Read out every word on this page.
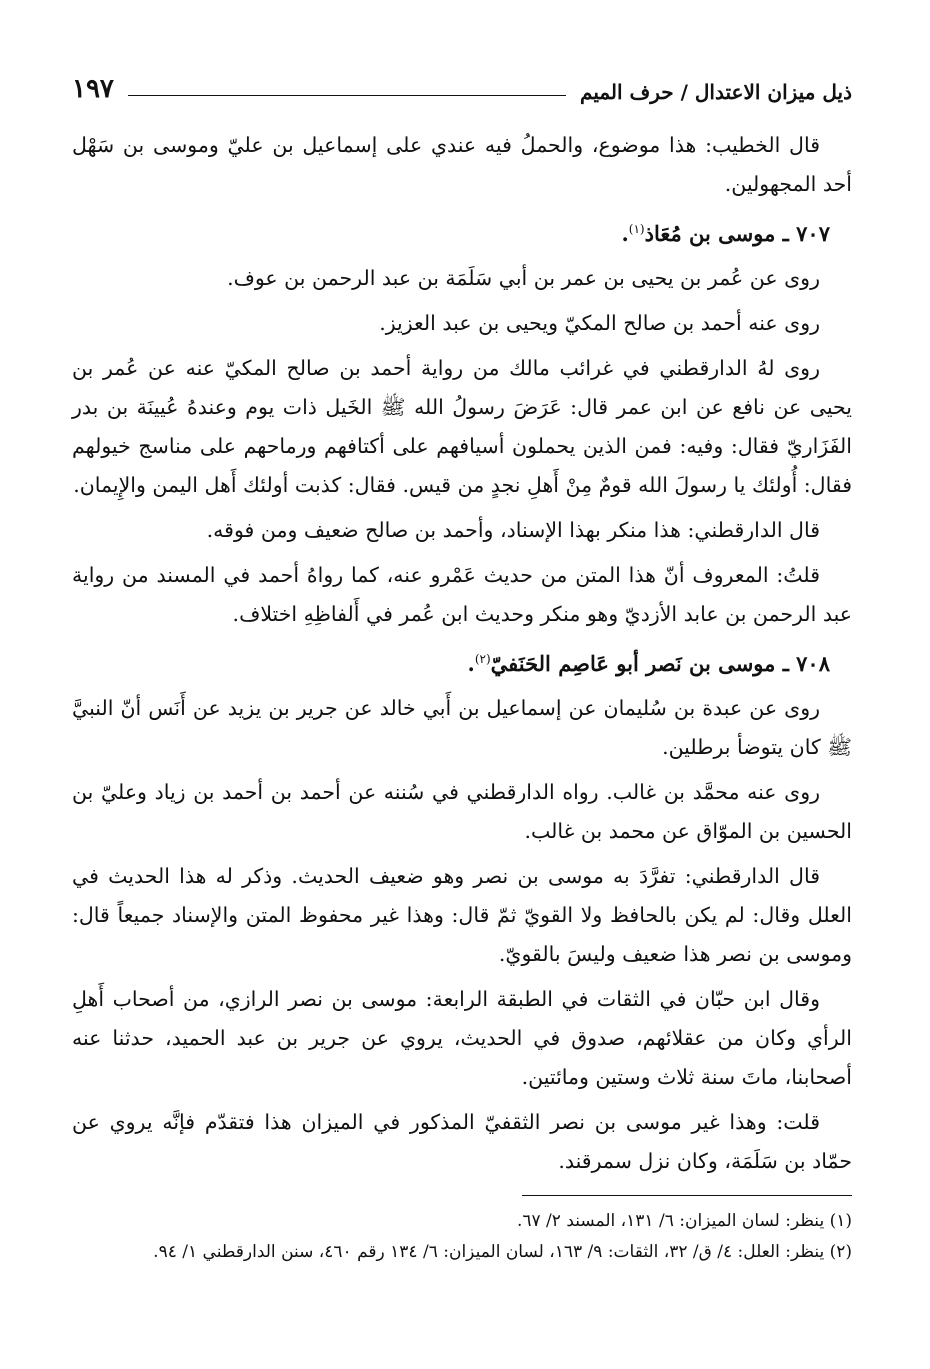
ذيل ميزان الاعتدال / حرف الميم
١٩٧

قال الخطيب: هذا موضوع، والحملُ فيه عندي على إسماعيل بن عليّ وموسى بن سَهْل أحد المجهولين.

٧٠٧ ـ موسى بن مُعَاذ$^{(١)}$.

روى عن عُمر بن يحيى بن عمر بن أبي سَلَمَة بن عبد الرحمن بن عوف.

روى عنه أحمد بن صالح المكيّ ويحيى بن عبد العزيز.

روى لهُ الدارقطني في غرائب مالك من رواية أحمد بن صالح المكيّ عنه عن عُمر بن يحيى عن نافع عن ابن عمر قال: عَرَضَ رسولُ الله ﷺ الخَيل ذات يوم وعندهُ عُيينَة بن بدر الفَزَاريّ فقال: وفيه: فمن الذين يحملون أسيافهم على أكتافهم ورماحهم على مناسج خيولهم فقال: أُولئك يا رسولَ الله قومٌ مِنْ أَهلِ نجدٍ من قيس. فقال: كذبت أولئك أَهل اليمن والإِيمان.

قال الدارقطني: هذا منكر بهذا الإسناد، وأحمد بن صالح ضعيف ومن فوقه.

قلتُ: المعروف أنّ هذا المتن من حديث عَمْرو عنه، كما رواهُ أحمد في المسند من رواية عبد الرحمن بن عابد الأزديّ وهو منكر وحديث ابن عُمر في أَلفاظِهِ اختلاف.

٧٠٨ ـ موسى بن نَصر أبو عَاصِم الحَنَفيّ$^{(٢)}$.

روى عن عبدة بن سُليمان عن إسماعيل بن أَبي خالد عن جرير بن يزيد عن أَنَس أنّ النبيَّ ﷺ كان يتوضأ برطلين.

روى عنه محمَّد بن غالب. رواه الدارقطني في سُننه عن أحمد بن أحمد بن زياد وعليّ بن الحسين بن الموّاق عن محمد بن غالب.

قال الدارقطني: تفرَّدَ به موسى بن نصر وهو ضعيف الحديث. وذكر له هذا الحديث في العلل وقال: لم يكن بالحافظ ولا القويّ ثمّ قال: وهذا غير محفوظ المتن والإسناد جميعاً قال: وموسى بن نصر هذا ضعيف وليسَ بالقويّ.

وقال ابن حبّان في الثقات في الطبقة الرابعة: موسى بن نصر الرازي، من أصحاب أَهلِ الرأي وكان من عقلائهم، صدوق في الحديث، يروي عن جرير بن عبد الحميد، حدثنا عنه أصحابنا، ماتَ سنة ثلاث وستين ومائتين.

قلت: وهذا غير موسى بن نصر الثقفيّ المذكور في الميزان هذا فتقدّم فإنَّه يروي عن حمّاد بن سَلَمَة، وكان نزل سمرقند.

(١) ينظر: لسان الميزان: ٦/ ١٣١، المسند ٢/ ٦٧.

(٢) ينظر: العلل: ٤/ ق/ ٣٢، الثقات: ٩/ ١٦٣، لسان الميزان: ٦/ ١٣٤ رقم ٤٦٠، سنن الدارقطني ١/ ٩٤.
